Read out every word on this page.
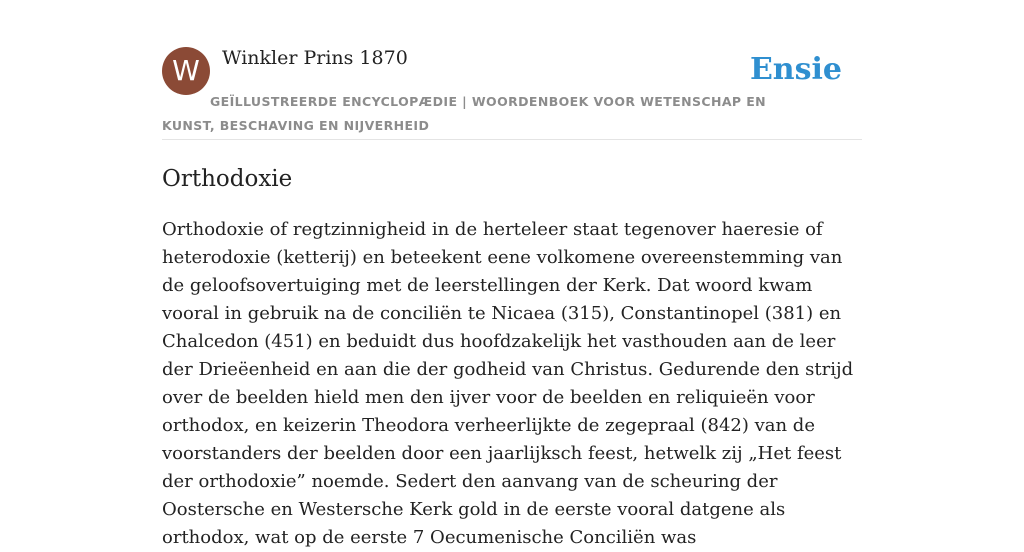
W	Winkler Prins 1870
GEÏLLUSTREERDE ENCYCLOPÆDIE | WOORDENBOEK VOOR WETENSCHAP EN KUNST, BESCHAVING EN NIJVERHEID
Ensie
Orthodoxie

Orthodoxie of regtzinnigheid in de herteleer staat tegenover haeresie of heterodoxie (ketterij) en beteekent eene volkomene overeenstemming van de geloofsovertuiging met de leerstellingen der Kerk. Dat woord kwam vooral in gebruik na de conciliën te Nicaea (315), Constantinopel (381) en Chalcedon (451) en beduidt dus hoofdzakelijk het vasthouden aan de leer der Drieëenheid en aan die der godheid van Christus. Gedurende den strijd over de beelden hield men den ijver voor de beelden en reliquieën voor orthodox, en keizerin Theodora verheerlijkte de zegepraal (842) van de voorstanders der beelden door een jaarlijksch feest, hetwelk zij „Het feest der orthodoxie” noemde. Sedert den aanvang van de scheuring der Oostersche en Westersche Kerk gold in de eerste vooral datgene als orthodox, wat op de eerste 7 Oecumenische Conciliën was
